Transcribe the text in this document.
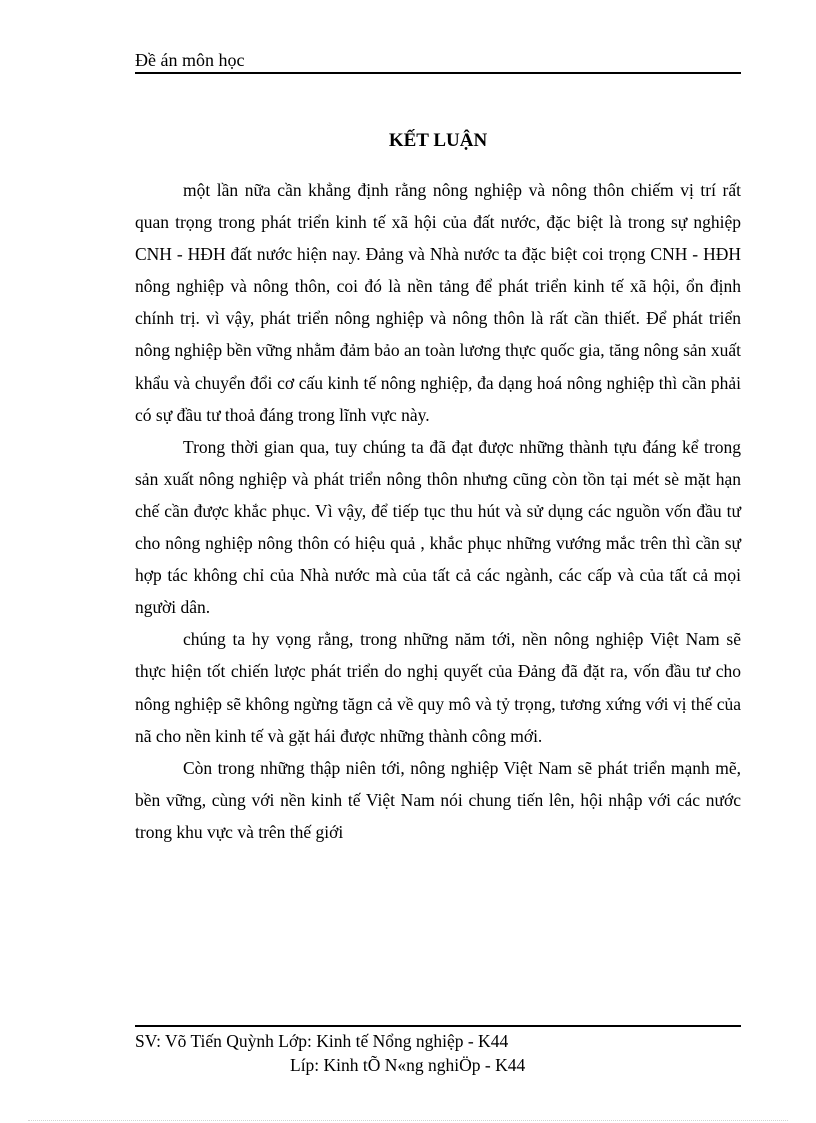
Đề án môn học
KẾT LUẬN

một lần nữa cần khẳng định rằng nông nghiệp và nông thôn chiếm vị trí rất quan trọng trong phát triển kinh tế xã hội của đất nước, đặc biệt là trong sự nghiệp CNH - HĐH đất nước hiện nay. Đảng và Nhà nước ta đặc biệt coi trọng CNH - HĐH nông nghiệp và nông thôn, coi đó là nền tảng để phát triển kinh tế xã hội, ổn định chính trị. vì vậy, phát triển nông nghiệp và nông thôn là rất cần thiết. Để phát triển nông nghiệp bền vững nhằm đảm bảo an toàn lương thực quốc gia, tăng nông sản xuất khẩu và chuyển đổi cơ cấu kinh tế nông nghiệp, đa dạng hoá nông nghiệp thì cần phải có sự đầu tư thoả đáng trong lĩnh vực này.

Trong thời gian qua, tuy chúng ta đã đạt được những thành tựu đáng kể trong sản xuất nông nghiệp và phát triển nông thôn nhưng cũng còn tồn tại mét sè mặt hạn chế cần được khắc phục. Vì vậy, để tiếp tục thu hút và sử dụng các nguồn vốn đầu tư cho nông nghiệp nông thôn có hiệu quả , khắc phục những vướng mắc trên thì cần sự hợp tác không chỉ của Nhà nước mà của tất cả các ngành, các cấp và của tất cả mọi người dân.

chúng ta hy vọng rằng, trong những năm tới, nền nông nghiệp Việt Nam sẽ thực hiện tốt chiến lược phát triển do nghị quyết của Đảng đã đặt ra, vốn đầu tư cho nông nghiệp sẽ không ngừng tăgn cả về quy mô và tỷ trọng, tương xứng với vị thế của nã cho nền kinh tế và gặt hái được những thành công mới.

Còn trong những thập niên tới, nông nghiệp Việt Nam sẽ phát triển mạnh mẽ, bền vững, cùng với nền kinh tế Việt Nam nói chung tiến lên, hội nhập với các nước trong khu vực và trên thế giới

SV: Võ Tiến Quỳnh Lớp: Kinh tế Nổng nghiệp - K44
Líp: Kinh tÕ N«ng nghiÖp - K44
